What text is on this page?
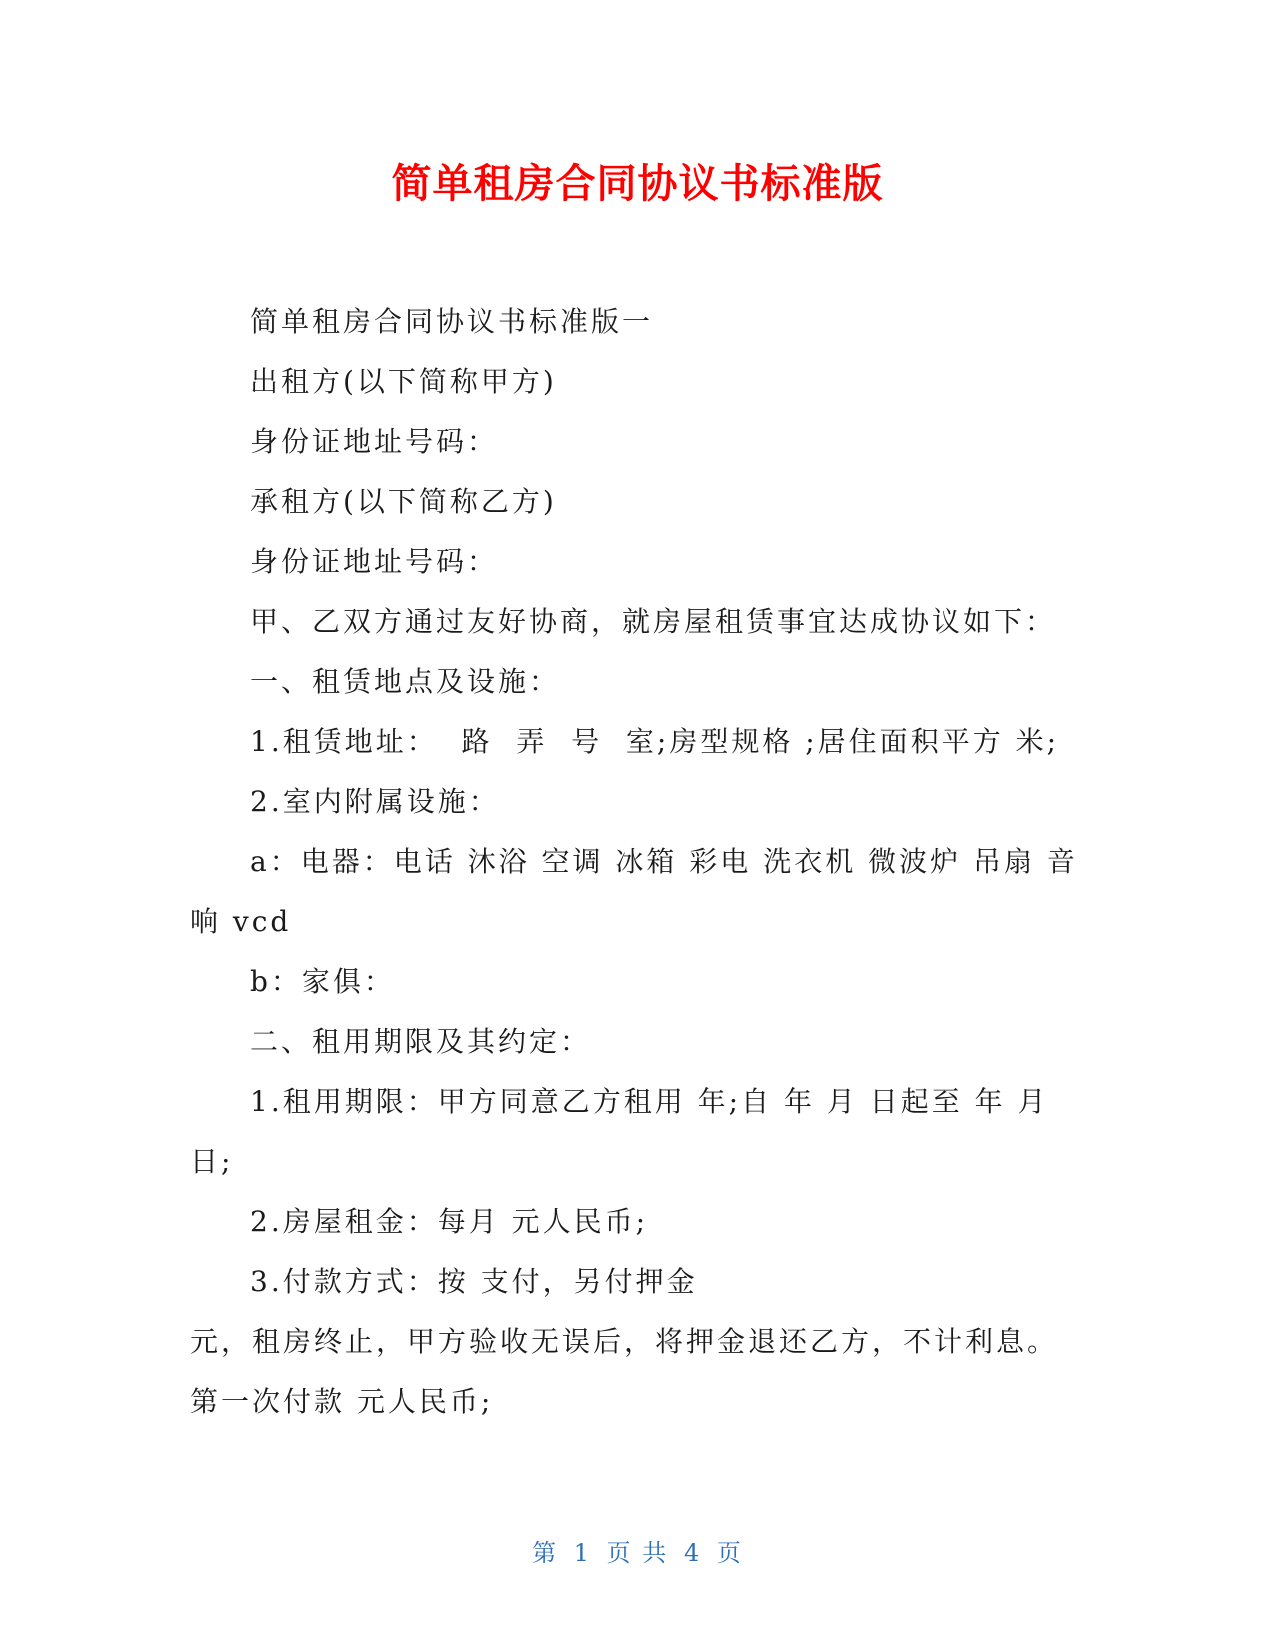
简单租房合同协议书标准版

简单租房合同协议书标准版一

出租方(以下简称甲方)

身份证地址号码：

承租方(以下简称乙方)

身份证地址号码：

甲、乙双方通过友好协商，就房屋租赁事宜达成协议如下：

一、租赁地点及设施：

1.租赁地址：  路  弄  号  室;房型规格 ;居住面积平方 米;

2.室内附属设施：

a：电器：电话 沐浴 空调 冰箱 彩电 洗衣机 微波炉 吊扇 音响 vcd

b：家俱：

二、租用期限及其约定：

1.租用期限：甲方同意乙方租用 年;自 年 月 日起至 年 月 日;

2.房屋租金：每月 元人民币;

3.付款方式：按 支付，另付押金

元，租房终止，甲方验收无误后，将押金退还乙方，不计利息。

第一次付款 元人民币;

第 1 页 共 4 页
